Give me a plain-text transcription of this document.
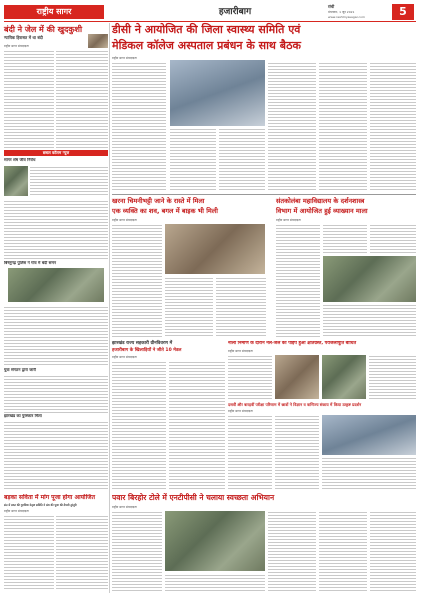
राष्ट्रीय सागर	हजारीबाग
रांची
मंगलवार, 1 जून 2021
www.rashtriyasagar.com	5
बंदी ने जेल में की खुदकुशी
न्यायिक हिरासत में था बंदी
राष्ट्रीय सागर संवाददाता
छबल कॉलम न्यूज
सागर शेष जीव निरोध
बिष्णुगढ़ पुलिस ने गांव में बंदी समन
युवा संगठन द्वारा जारी
झारखंड का पुरस्कार मिला
डीसी ने आयोजित की जिला स्वास्थ्य समिति एवं
मेडिकल कॉलेज अस्पताल प्रबंधन के साथ बैठक
राष्ट्रीय सागर संवाददाता
खरना चिमनीभट्टी जाने के रास्ते में मिला
एक व्यक्ति का शव, बगल में बाइक भी मिली
राष्ट्रीय सागर संवाददाता
संतकोलंबा महाविद्यालय के दर्शनशास्त्र
विभाग में आयोजित हुई व्याख्यान माला
राष्ट्रीय सागर संवाददाता
झारखंड राज्य सहकारी ग्रीनविवरण में
हजारीबाग के खिलाड़ियों ने जीते 10 मेडल
राष्ट्रीय सागर संवाददाता
नाली निर्माण के दौरान नल-जल का पाइप हुआ क्षतिग्रस्त, पेयजलापूर्ति बाधित
राष्ट्रीय सागर संवाददाता
दसवीं और बारहवीं परीक्षा परिणाम में छात्रों ने विज्ञान व वाणिज्य संकाय में किया उत्कृष्ट प्रदर्शन
राष्ट्रीय सागर संवाददाता
बड़का सविता में मांग पूजा होगा आयोजित
संत में प्राप्त की गुरुनिष्ठा नेतृत्व समिति ने संघ की पूजा की तैयारी तुरंतुरि
राष्ट्रीय सागर संवाददाता
पवार बिरहोर टोले में एनटीपीसी ने चलाया स्वच्छता अभियान
राष्ट्रीय सागर संवाददाता
